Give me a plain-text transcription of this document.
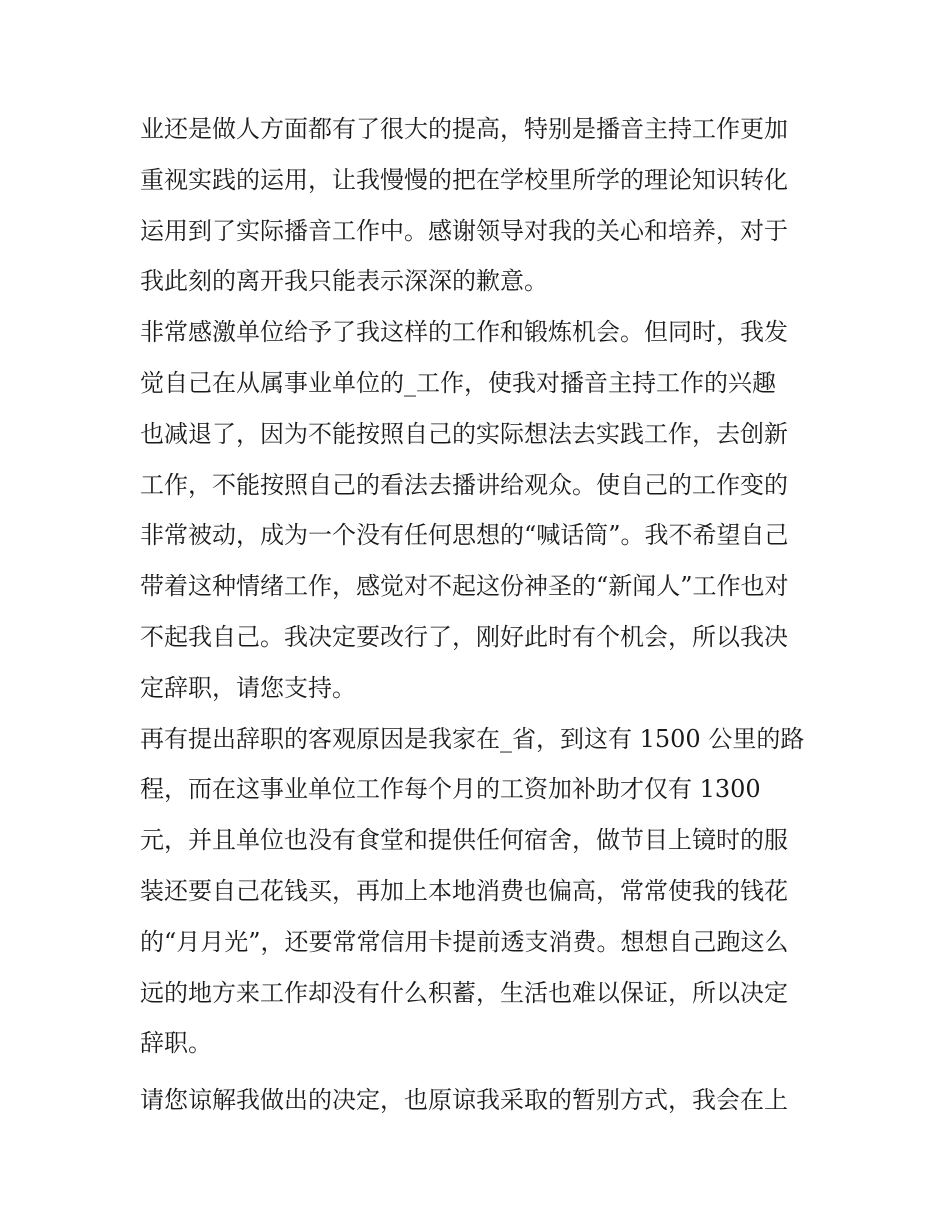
业还是做人方面都有了很大的提高，特别是播音主持工作更加
重视实践的运用，让我慢慢的把在学校里所学的理论知识转化
运用到了实际播音工作中。感谢领导对我的关心和培养，对于
我此刻的离开我只能表示深深的歉意。
非常感激单位给予了我这样的工作和锻炼机会。但同时，我发
觉自己在从属事业单位的_工作，使我对播音主持工作的兴趣
也减退了，因为不能按照自己的实际想法去实践工作，去创新
工作，不能按照自己的看法去播讲给观众。使自己的工作变的
非常被动，成为一个没有任何思想的“喊话筒”。我不希望自己
带着这种情绪工作，感觉对不起这份神圣的“新闻人”工作也对
不起我自己。我决定要改行了，刚好此时有个机会，所以我决
定辞职，请您支持。
再有提出辞职的客观原因是我家在_省，到这有 1500 公里的路
程，而在这事业单位工作每个月的工资加补助才仅有 1300
元，并且单位也没有食堂和提供任何宿舍，做节目上镜时的服
装还要自己花钱买，再加上本地消费也偏高，常常使我的钱花
的“月月光”，还要常常信用卡提前透支消费。想想自己跑这么
远的地方来工作却没有什么积蓄，生活也难以保证，所以决定
辞职。
请您谅解我做出的决定，也原谅我采取的暂别方式，我会在上
